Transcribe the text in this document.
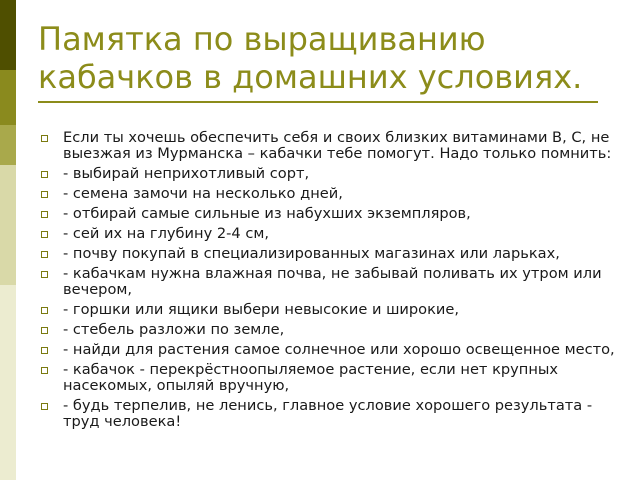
Памятка по выращиванию
кабачков в домашних условиях.
Если ты хочешь обеспечить себя и своих близких витаминами В, С, не выезжая из Мурманска – кабачки тебе помогут. Надо только помнить:
- выбирай неприхотливый сорт,
- семена замочи на несколько дней,
- отбирай самые сильные из набухших экземпляров,
- сей их на глубину 2-4 см,
- почву покупай в специализированных магазинах или ларьках,
- кабачкам нужна влажная почва, не забывай поливать их утром или вечером,
- горшки или ящики выбери невысокие и широкие,
- стебель разложи по земле,
- найди для растения самое солнечное или хорошо освещенное место,
- кабачок - перекрёстноопыляемое растение, если нет крупных насекомых, опыляй вручную,
- будь терпелив, не ленись, главное условие хорошего результата - труд человека!
